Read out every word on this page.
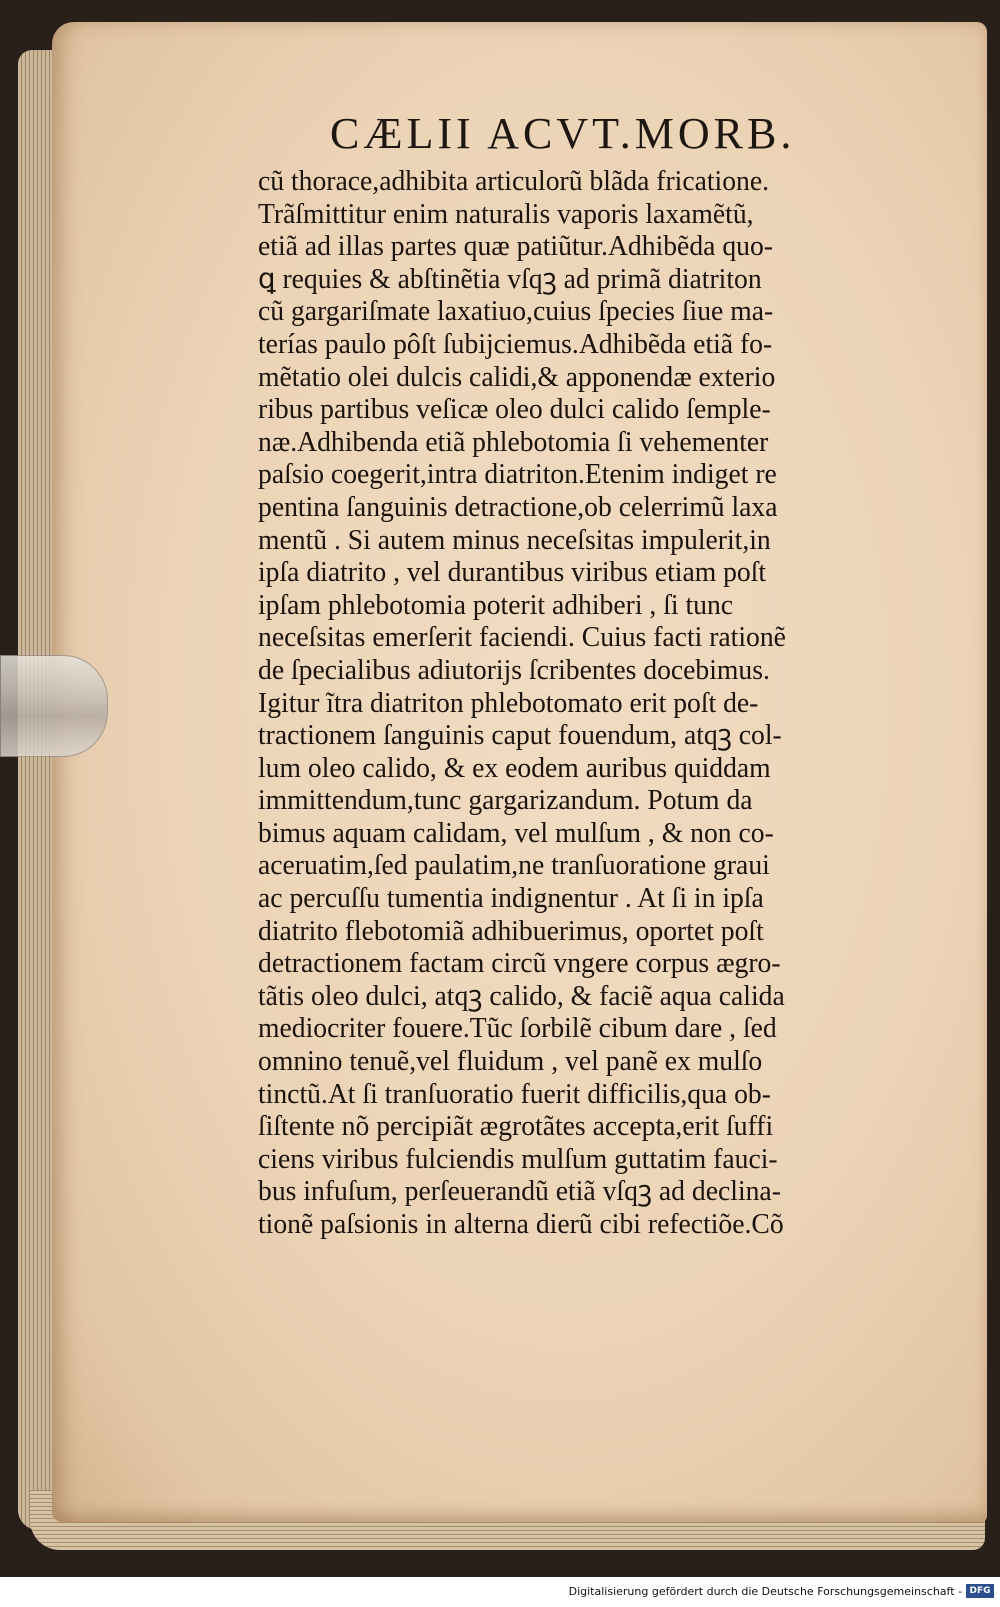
CÆLII ACVT.MORB.
cũ thorace,adhibita articulorũ blãda fricatione.
Trãſmittitur enim naturalis vaporis laxamẽtũ,
etiã ad illas partes quæ patiũtur.Adhibẽda quo-
ꝗ requies & abſtinẽtia vſqꝫ ad primã diatriton
cũ gargariſmate laxatiuo,cuius ſpecies ſiue ma-
terías paulo pôſt ſubijciemus.Adhibẽda etiã fo-
mẽtatio olei dulcis calidi,& apponendæ exterio
ribus partibus veſicæ oleo dulci calido ſemple-
næ.Adhibenda etiã phlebotomia ſi vehementer
paſsio coegerit,intra diatriton.Etenim indiget re
pentina ſanguinis detractione,ob celerrimũ laxa
mentũ . Si autem minus neceſsitas impulerit,in
ipſa diatrito , vel durantibus viribus etiam poſt
ipſam phlebotomia poterit adhiberi , ſi tunc
neceſsitas emerſerit faciendi. Cuius facti rationẽ
de ſpecialibus adiutorijs ſcribentes docebimus.
Igitur ĩtra diatriton phlebotomato erit poſt de-
tractionem ſanguinis caput fouendum, atqꝫ col-
lum oleo calido, & ex eodem auribus quiddam
immittendum,tunc gargarizandum. Potum da
bimus aquam calidam, vel mulſum , & non co-
aceruatim,ſed paulatim,ne tranſuoratione graui
ac percuſſu tumentia indignentur . At ſi in ipſa
diatrito flebotomiã adhibuerimus, oportet poſt
detractionem factam circũ vngere corpus ægro-
tãtis oleo dulci, atqꝫ calido, & faciẽ aqua calida
mediocriter fouere.Tũc ſorbilẽ cibum dare , ſed
omnino tenuẽ,vel fluidum , vel panẽ ex mulſo
tinctũ.At ſi tranſuoratio fuerit difficilis,qua ob-
ſiſtente nõ percipiãt ægrotãtes accepta,erit ſuffi
ciens viribus fulciendis mulſum guttatim fauci-
bus infuſum, perſeuerandũ etiã vſqꝫ ad declina-
tionẽ paſsionis in alterna dierũ cibi refectiõe.Cõ
Digitalisierung gefördert durch die Deutsche Forschungsgemeinschaft - DFG
